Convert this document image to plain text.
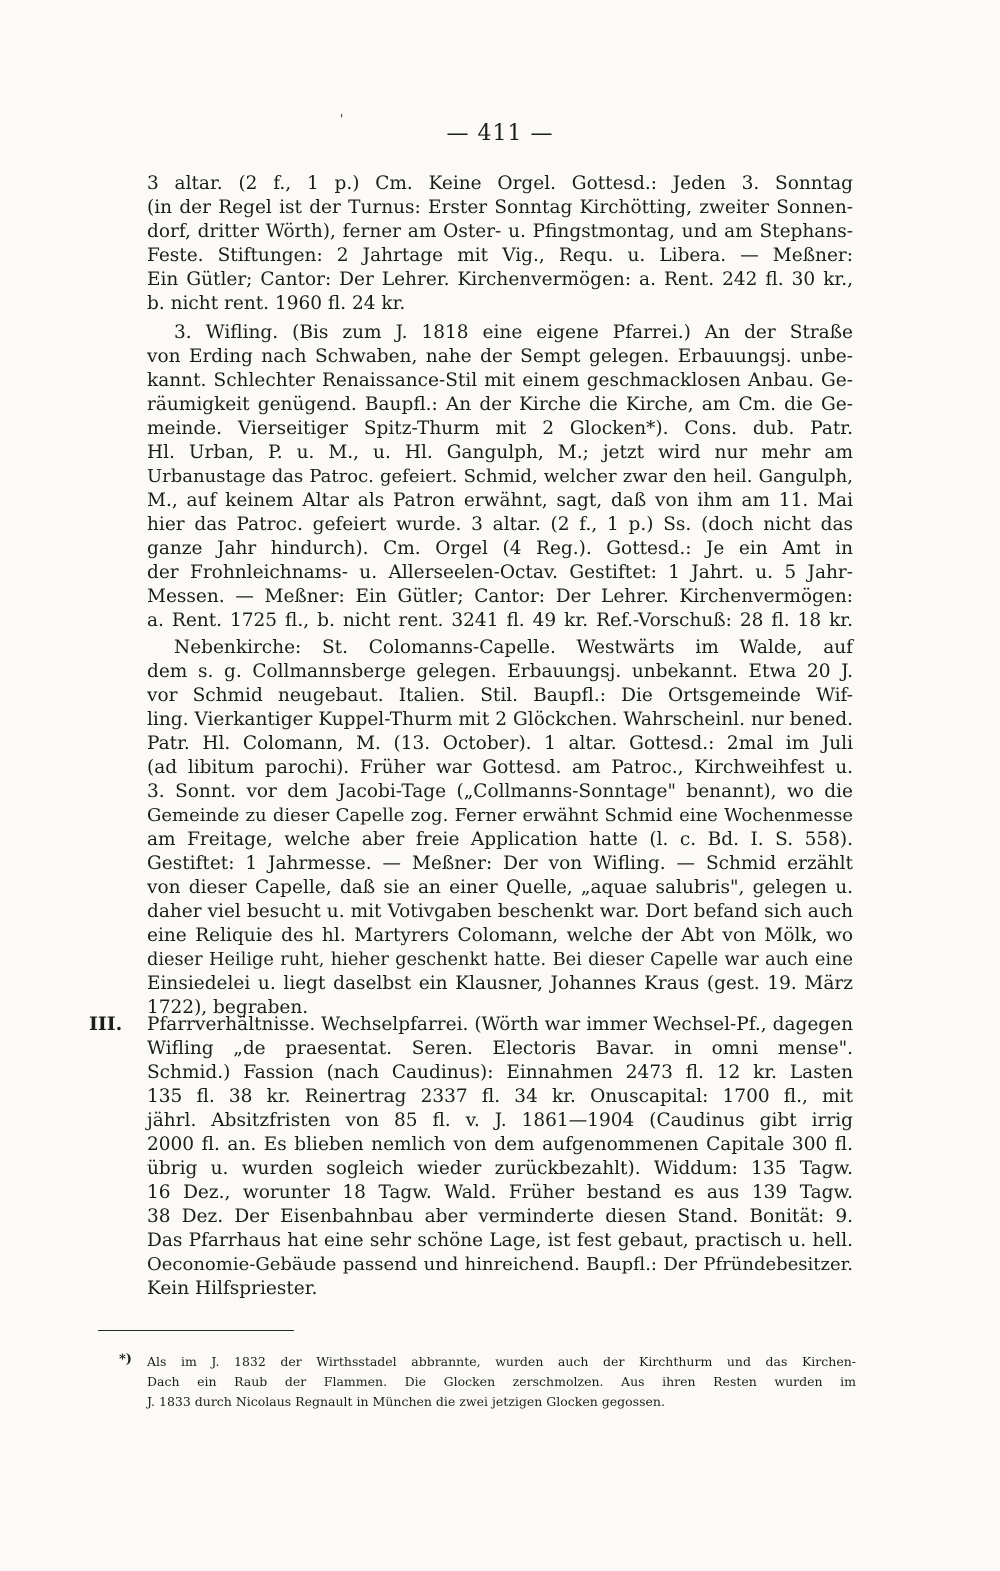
— 411 —
'
3 altar. (2 f., 1 p.) Cm. Keine Orgel. Gottesd.: Jeden 3. Sonntag
(in der Regel ist der Turnus: Erster Sonntag Kirchötting, zweiter Sonnen-
dorf, dritter Wörth), ferner am Oster- u. Pfingstmontag, und am Stephans-
Feste. Stiftungen: 2 Jahrtage mit Vig., Requ. u. Libera. — Meßner:
Ein Gütler; Cantor: Der Lehrer. Kirchenvermögen: a. Rent. 242 fl. 30 kr.,
b. nicht rent. 1960 fl. 24 kr.
3. Wifling. (Bis zum J. 1818 eine eigene Pfarrei.) An der Straße
von Erding nach Schwaben, nahe der Sempt gelegen. Erbauungsj. unbe-
kannt. Schlechter Renaissance-Stil mit einem geschmacklosen Anbau. Ge-
räumigkeit genügend. Baupfl.: An der Kirche die Kirche, am Cm. die Ge-
meinde. Vierseitiger Spitz-Thurm mit 2 Glocken*). Cons. dub. Patr.
Hl. Urban, P. u. M., u. Hl. Gangulph, M.; jetzt wird nur mehr am
Urbanustage das Patroc. gefeiert. Schmid, welcher zwar den heil. Gangulph,
M., auf keinem Altar als Patron erwähnt, sagt, daß von ihm am 11. Mai
hier das Patroc. gefeiert wurde. 3 altar. (2 f., 1 p.) Ss. (doch nicht das
ganze Jahr hindurch). Cm. Orgel (4 Reg.). Gottesd.: Je ein Amt in
der Frohnleichnams- u. Allerseelen-Octav. Gestiftet: 1 Jahrt. u. 5 Jahr-
Messen. — Meßner: Ein Gütler; Cantor: Der Lehrer. Kirchenvermögen:
a. Rent. 1725 fl., b. nicht rent. 3241 fl. 49 kr. Ref.-Vorschuß: 28 fl. 18 kr.
Nebenkirche: St. Colomanns-Capelle. Westwärts im Walde, auf
dem s. g. Collmannsberge gelegen. Erbauungsj. unbekannt. Etwa 20 J.
vor Schmid neugebaut. Italien. Stil. Baupfl.: Die Ortsgemeinde Wif-
ling. Vierkantiger Kuppel-Thurm mit 2 Glöckchen. Wahrscheinl. nur bened.
Patr. Hl. Colomann, M. (13. October). 1 altar. Gottesd.: 2mal im Juli
(ad libitum parochi). Früher war Gottesd. am Patroc., Kirchweihfest u.
3. Sonnt. vor dem Jacobi-Tage („Collmanns-Sonntage" benannt), wo die
Gemeinde zu dieser Capelle zog. Ferner erwähnt Schmid eine Wochenmesse
am Freitage, welche aber freie Application hatte (l. c. Bd. I. S. 558).
Gestiftet: 1 Jahrmesse. — Meßner: Der von Wifling. — Schmid erzählt
von dieser Capelle, daß sie an einer Quelle, „aquae salubris", gelegen u.
daher viel besucht u. mit Votivgaben beschenkt war. Dort befand sich auch
eine Reliquie des hl. Martyrers Colomann, welche der Abt von Mölk, wo
dieser Heilige ruht, hieher geschenkt hatte. Bei dieser Capelle war auch eine
Einsiedelei u. liegt daselbst ein Klausner, Johannes Kraus (gest. 19. März
1722), begraben.
III. Pfarrverhältnisse. Wechselpfarrei. (Wörth war immer Wechsel-Pf., dagegen
Wifling „de praesentat. Seren. Electoris Bavar. in omni mense".
Schmid.) Fassion (nach Caudinus): Einnahmen 2473 fl. 12 kr. Lasten
135 fl. 38 kr. Reinertrag 2337 fl. 34 kr. Onuscapital: 1700 fl., mit
jährl. Absitzfristen von 85 fl. v. J. 1861—1904 (Caudinus gibt irrig
2000 fl. an. Es blieben nemlich von dem aufgenommenen Capitale 300 fl.
übrig u. wurden sogleich wieder zurückbezahlt). Widdum: 135 Tagw.
16 Dez., worunter 18 Tagw. Wald. Früher bestand es aus 139 Tagw.
38 Dez. Der Eisenbahnbau aber verminderte diesen Stand. Bonität: 9.
Das Pfarrhaus hat eine sehr schöne Lage, ist fest gebaut, practisch u. hell.
Oeconomie-Gebäude passend und hinreichend. Baupfl.: Der Pfründebesitzer.
Kein Hilfspriester.
*) Als im J. 1832 der Wirthsstadel abbrannte, wurden auch der Kirchthurm und das Kirchen-
Dach ein Raub der Flammen. Die Glocken zerschmolzen. Aus ihren Resten wurden im
J. 1833 durch Nicolaus Regnault in München die zwei jetzigen Glocken gegossen.
